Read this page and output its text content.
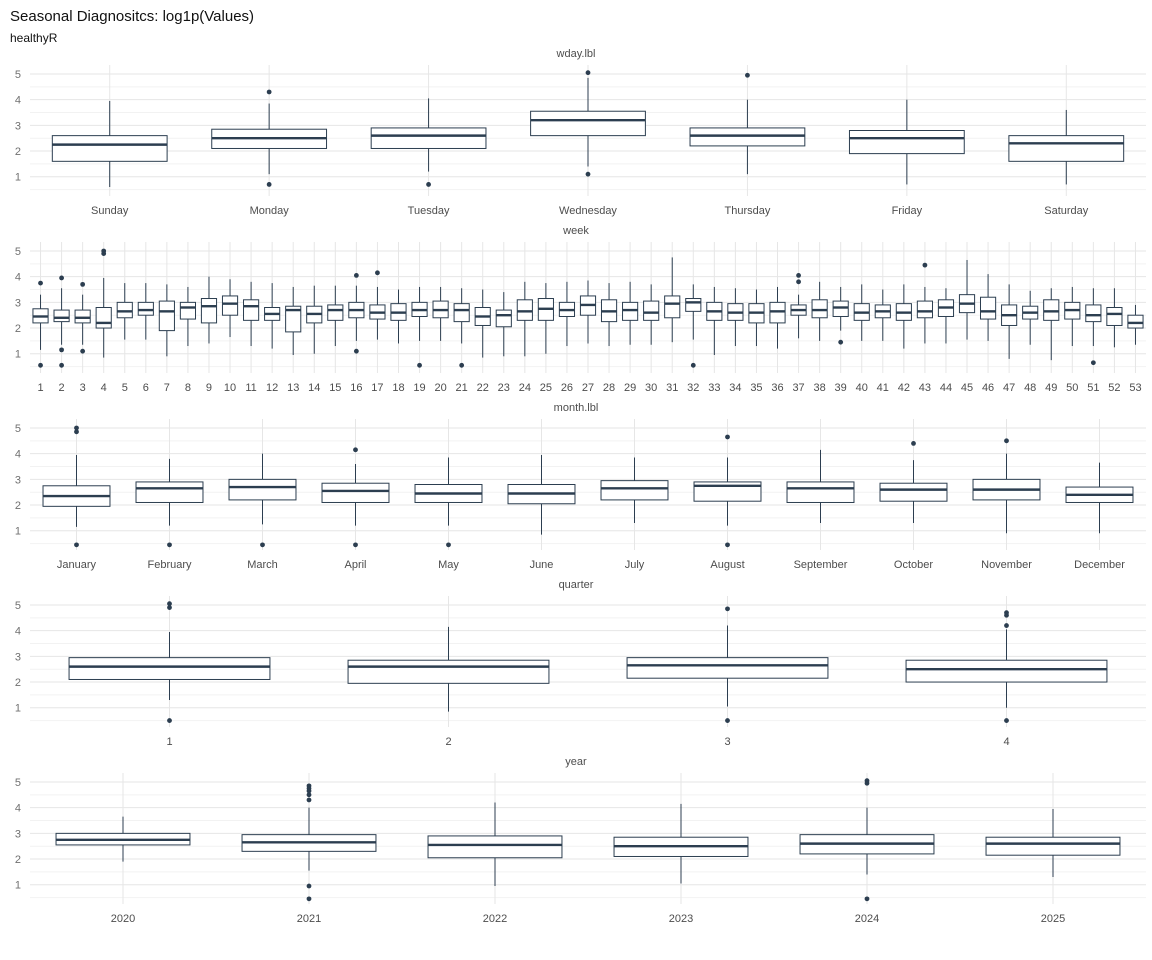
Seasonal Diagnositcs: log1p(Values)

healthyR

wday.lbl
1
2
3
4
5
Sunday	Monday	Tuesday	Wednesday	Thursday	Friday	Saturday
week
1
2
3
4
5
1 2 3 4 5 6 7 8 9 10 11 12 13 14 15 16 17 18 19 20 21 22 23 24 25 26 27 28 29 30 31 32 33 34 35 36 37 38 39 40 41 42 43 44 45 46 47 48 49 50 51 52 53
month.lbl
1
2
3
4
5
January	February	March	April	May	June	July	August	September	October	November	December
quarter
1
2
3
4
5
1	2	3	4
year
1
2
3
4
5
2020	2021	2022	2023	2024	2025
